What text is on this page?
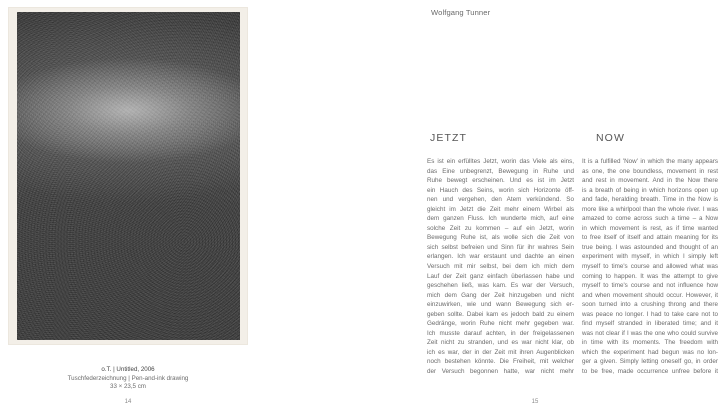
o.T. | Untitled, 2006
Tuschfederzeichnung | Pen-and-ink drawing
33 × 23,5 cm
14
Wolfgang Tunner
JETZT	NOW
Es ist ein erfülltes Jetzt, worin das Viele als eins,
das Eine unbegrenzt, Bewegung in Ruhe und
Ruhe bewegt erscheinen. Und es ist im Jetzt
ein Hauch des Seins, worin sich Horizonte öff-
nen und vergehen, den Atem verkündend. So
gleicht im Jetzt die Zeit mehr einem Wirbel als
dem ganzen Fluss. Ich wunderte mich, auf eine
solche Zeit zu kommen – auf ein Jetzt, worin
Bewegung Ruhe ist, als wolle sich die Zeit von
sich selbst befreien und Sinn für ihr wahres Sein
erlangen. Ich war erstaunt und dachte an einen
Versuch mit mir selbst, bei dem ich mich dem
Lauf der Zeit ganz einfach überlassen habe und
geschehen ließ, was kam. Es war der Versuch,
mich dem Gang der Zeit hinzugeben und nicht
einzuwirken, wie und wann Bewegung sich er-
geben sollte. Dabei kam es jedoch bald zu einem
Gedränge, worin Ruhe nicht mehr gegeben war.
Ich musste darauf achten, in der freigelassenen
Zeit nicht zu stranden, und es war nicht klar, ob
ich es war, der in der Zeit mit ihren Augenblicken
noch bestehen könnte. Die Freiheit, mit welcher
der Versuch begonnen hatte, war nicht mehr
It is a fulfilled 'Now' in which the many appears
as one, the one boundless, movement in rest
and rest in movement. And in the Now there
is a breath of being in which horizons open up
and fade, heralding breath. Time in the Now is
more like a whirlpool than the whole river. I was
amazed to come across such a time – a Now
in which movement is rest, as if time wanted
to free itself of itself and attain meaning for its
true being. I was astounded and thought of an
experiment with myself, in which I simply left
myself to time's course and allowed what was
coming to happen. It was the attempt to give
myself to time's course and not influence how
and when movement should occur. However, it
soon turned into a crushing throng and there
was peace no longer. I had to take care not to
find myself stranded in liberated time; and it
was not clear if I was the one who could survive
in time with its moments. The freedom with
which the experiment had begun was no lon-
ger a given. Simply letting oneself go, in order
to be free, made occurrence unfree before it
15
